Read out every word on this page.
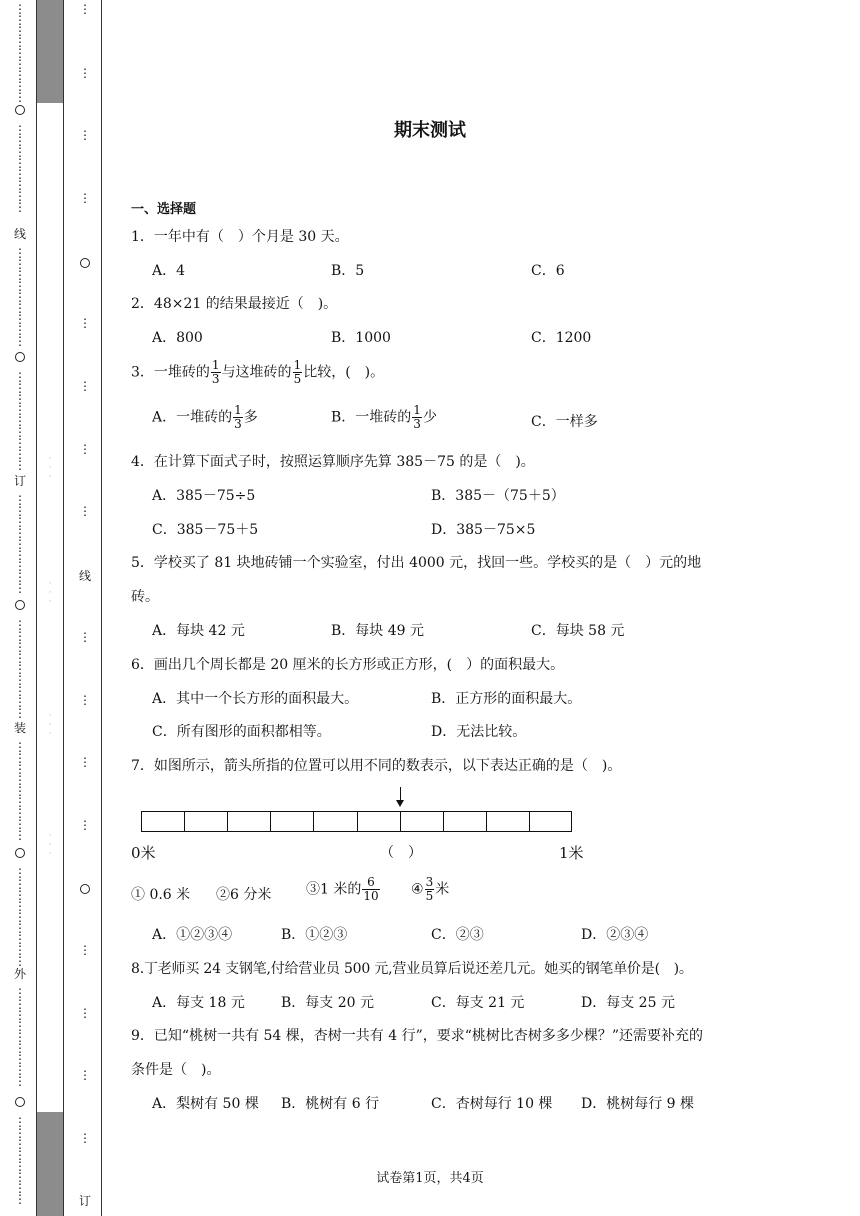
⋮
⋮
⋮
⋮
⋮
⋮
⋮
⋮
⋮
⋮
⋮
⋮
⋮
⋮
⋮
⋮
⋮
线
⋮
⋮
⋮
⋮
⋮
⋮
⋮
⋮
⋮
⋮
⋮
⋮
⋮
⋮
⋮
⋮
⋮
⋮
订
⋮
⋮
⋮
⋮
⋮
⋮
⋮
⋮
⋮
⋮
⋮
⋮
⋮
⋮
⋮
⋮
⋮
⋮
装
⋮
⋮
⋮
⋮
⋮
⋮
⋮
⋮
⋮
⋮
⋮
⋮
⋮
⋮
⋮
⋮
⋮
⋮
外
⋮
⋮
⋮
⋮
⋮
⋮
⋮
⋮
⋮
⋮
⋮
⋮
⋮
⋮
⋮
⋮
⋮
·
·
·
·
·
·
·
·
·
·
·
·
⋮
⋮
⋮
⋮
⋮
⋮
⋮
⋮
线
⋮
⋮
⋮
⋮
⋮
⋮
⋮
⋮
订
期末测试
一、选择题
1．一年中有（　）个月是 30 天。
A．4	B．5	C．6
2．48×21 的结果最接近（　)。
A．800	B．1000	C．1200
3．一堆砖的 $\frac{1}{3}$ 与这堆砖的 $\frac{1}{5}$ 比较，(　)。
A．一堆砖的 $\frac{1}{3}$ 多	B．一堆砖的 $\frac{1}{3}$ 少	C．一样多
4．在计算下面式子时，按照运算顺序先算 385－75 的是（　)。
A．385－75÷5	B．385－（75＋5）
C．385－75＋5	D．385－75×5
5．学校买了 81 块地砖铺一个实验室，付出 4000 元，找回一些。学校买的是（　）元的地
砖。
A．每块 42 元	B．每块 49 元	C．每块 58 元
6．画出几个周长都是 20 厘米的长方形或正方形，(　）的面积最大。
A．其中一个长方形的面积最大。	B．正方形的面积最大。
C．所有图形的面积都相等。	D．无法比较。
7．如图所示，箭头所指的位置可以用不同的数表示，以下表达正确的是（　)。
0米	（　）	1米
① 0.6 米 ②6 分米 ③1 米的 $\frac{6}{10}$ ④ $\frac{3}{5}$ 米
A．①②③④	B．①②③	C．②③	D．②③④
8.丁老师买 24 支钢笔,付给营业员 500 元,营业员算后说还差几元。她买的钢笔单价是(　)。
A．每支 18 元	B．每支 20 元	C．每支 21 元	D．每支 25 元
9．已知“桃树一共有 54 棵，杏树一共有 4 行”，要求“桃树比杏树多多少棵？”还需要补充的
条件是（　)。
A．梨树有 50 棵 B．桃树有 6 行	C．杏树每行 10 棵 D．桃树每行 9 棵
试卷第1页，共4页
